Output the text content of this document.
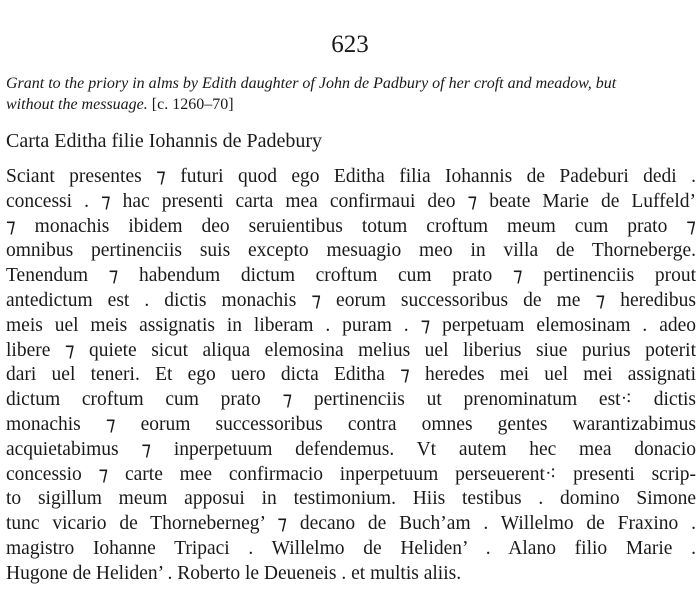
623
Grant to the priory in alms by Edith daughter of John de Padbury of her croft and meadow, but
without the messuage. [c. 1260–70]
Carta Editha filie Iohannis de Padebury
Sciant presentes ⁊ futuri quod ego Editha filia Iohannis de Padeburi dedi .
concessi . ⁊ hac presenti carta mea confirmaui deo ⁊ beate Marie de Luffeld’
⁊ monachis ibidem deo seruientibus totum croftum meum cum prato ⁊
omnibus pertinenciis suis excepto mesuagio meo in villa de Thorneberge.
Tenendum ⁊ habendum dictum croftum cum prato ⁊ pertinenciis prout
antedictum est . dictis monachis ⁊ eorum successoribus de me ⁊ heredibus
meis uel meis assignatis in liberam . puram . ⁊ perpetuam elemosinam . adeo
libere ⁊ quiete sicut aliqua elemosina melius uel liberius siue purius poterit
dari uel teneri. Et ego uero dicta Editha ⁊ heredes mei uel mei assignati
dictum croftum cum prato ⁊ pertinenciis ut prenominatum est⁖ dictis
monachis ⁊ eorum successoribus contra omnes gentes warantizabimus
acquietabimus ⁊ inperpetuum defendemus. Vt autem hec mea donacio
concessio ⁊ carte mee confirmacio inperpetuum perseuerent⁖ presenti scrip-
to sigillum meum apposui in testimonium. Hiis testibus . domino Simone
tunc vicario de Thorneberneg’ ⁊ decano de Buch’am . Willelmo de Fraxino .
magistro Iohanne Tripaci . Willelmo de Heliden’ . Alano filio Marie .
Hugone de Heliden’ . Roberto le Deueneis . et multis aliis.
